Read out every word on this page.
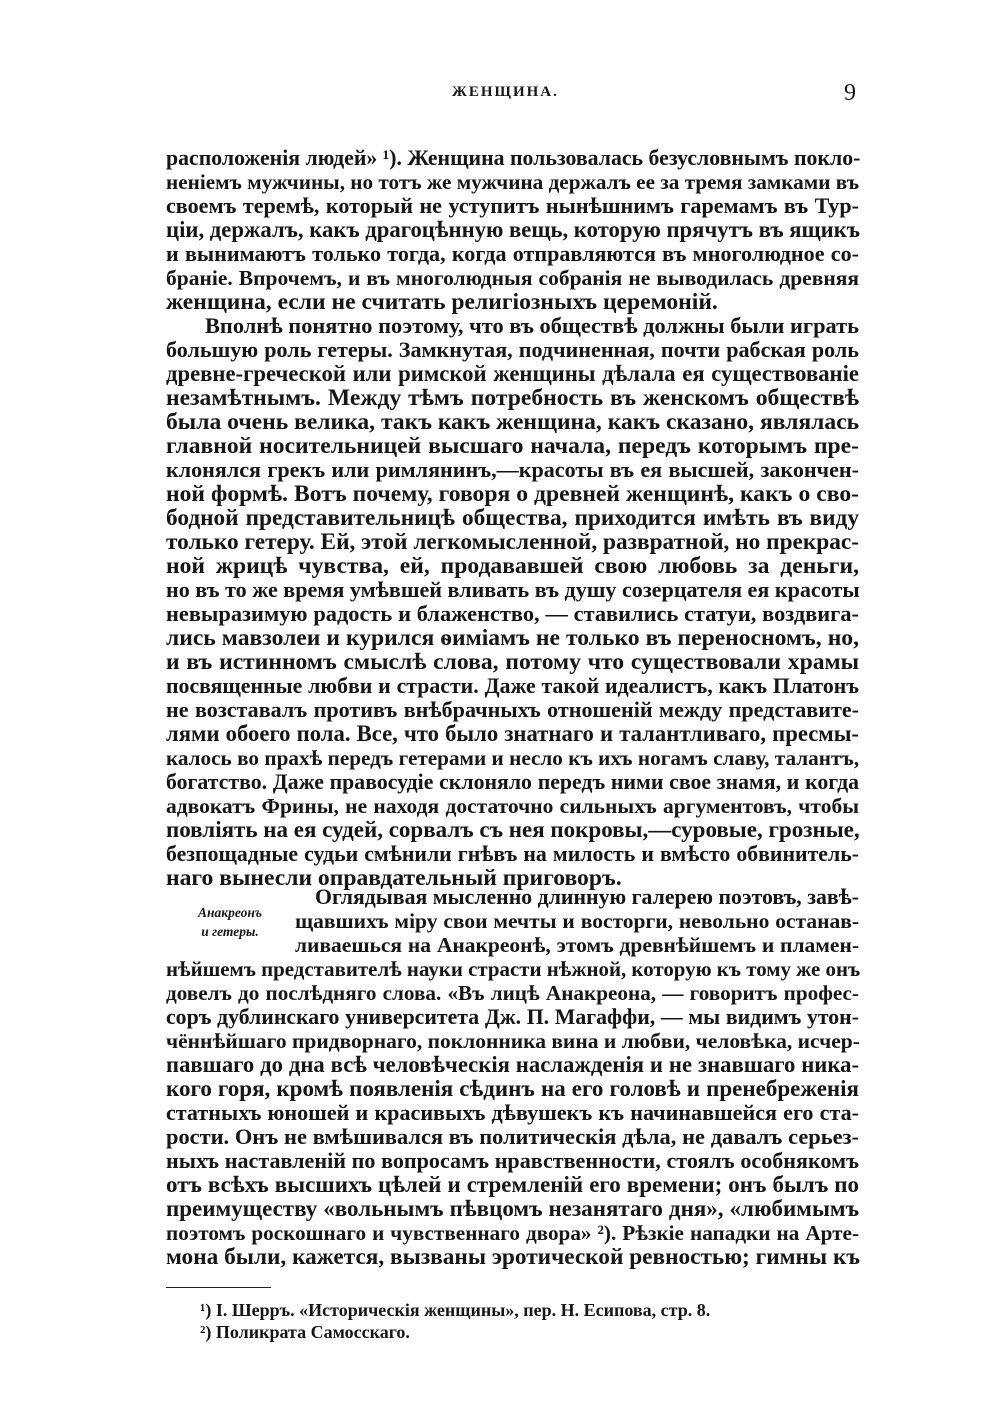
ЖЕНЩИНА.	9
расположенія людей» ¹). Женщина пользовалась безусловнымъ покло-
неніемъ мужчины, но тотъ же мужчина держалъ ее за тремя замками въ
своемъ теремѣ, который не уступитъ нынѣшнимъ гаремамъ въ Тур-
ціи, держалъ, какъ драгоцѣнную вещь, которую прячутъ въ ящикъ
и вынимаютъ только тогда, когда отправляются въ многолюдное со-
браніе. Впрочемъ, и въ многолюдныя собранія не выводилась древняя
женщина, если не считать религіозныхъ церемоній.
Вполнѣ понятно поэтому, что въ обществѣ должны были играть
большую роль гетеры. Замкнутая, подчиненная, почти рабская роль
древне-греческой или римской женщины дѣлала ея существованіе
незамѣтнымъ. Между тѣмъ потребность въ женскомъ обществѣ
была очень велика, такъ какъ женщина, какъ сказано, являлась
главной носительницей высшаго начала, передъ которымъ пре-
клонялся грекъ или римлянинъ,—красоты въ ея высшей, закончен-
ной формѣ. Вотъ почему, говоря о древней женщинѣ, какъ о сво-
бодной представительницѣ общества, приходится имѣть въ виду
только гетеру. Ей, этой легкомысленной, развратной, но прекрас-
ной жрицѣ чувства, ей, продававшей свою любовь за деньги,
но въ то же время умѣвшей вливать въ душу созерцателя ея красоты
невыразимую радость и блаженство, — ставились статуи, воздвига-
лись мавзолеи и курился ѳиміамъ не только въ переносномъ, но,
и въ истинномъ смыслѣ слова, потому что существовали храмы
посвященные любви и страсти. Даже такой идеалистъ, какъ Платонъ
не возставалъ противъ внѣбрачныхъ отношеній между представите-
лями обоего пола. Все, что было знатнаго и талантливаго, пресмы-
калось во прахѣ передъ гетерами и несло къ ихъ ногамъ славу, талантъ,
богатство. Даже правосудіе склоняло передъ ними свое знамя, и когда
адвокатъ Фрины, не находя достаточно сильныхъ аргументовъ, чтобы
повліять на ея судей, сорвалъ съ нея покровы,—суровые, грозные,
безпощадные судьи смѣнили гнѣвъ на милость и вмѣсто обвинитель-
наго вынесли оправдательный приговоръ.
Анакреонъ
и гетеры.
Оглядывая мысленно длинную галерею поэтовъ, завѣ-
щавшихъ міру свои мечты и восторги, невольно останав-
ливаешься на Анакреонѣ, этомъ древнѣйшемъ и пламен-
нѣйшемъ представителѣ науки страсти нѣжной, которую къ тому же онъ
довелъ до послѣдняго слова. «Въ лицѣ Анакреона, — говоритъ профес-
соръ дублинскаго университета Дж. П. Магаффи, — мы видимъ утон-
чённѣйшаго придворнаго, поклонника вина и любви, человѣка, исчер-
павшаго до дна всѣ человѣческія наслажденія и не знавшаго ника-
кого горя, кромѣ появленія сѣдинъ на его головѣ и пренебреженія
статныхъ юношей и красивыхъ дѣвушекъ къ начинавшейся его ста-
рости. Онъ не вмѣшивался въ политическія дѣла, не давалъ серьез-
ныхъ наставленій по вопросамъ нравственности, стоялъ особнякомъ
отъ всѣхъ высшихъ цѣлей и стремленій его времени; онъ былъ по
преимуществу «вольнымъ пѣвцомъ незанятаго дня», «любимымъ
поэтомъ роскошнаго и чувственнаго двора» ²). Рѣзкіе нападки на Арте-
мона были, кажется, вызваны эротической ревностью; гимны къ
¹) I. Шерръ. «Историческія женщины», пер. Н. Есипова, стр. 8.
²) Поликрата Самосскаго.
